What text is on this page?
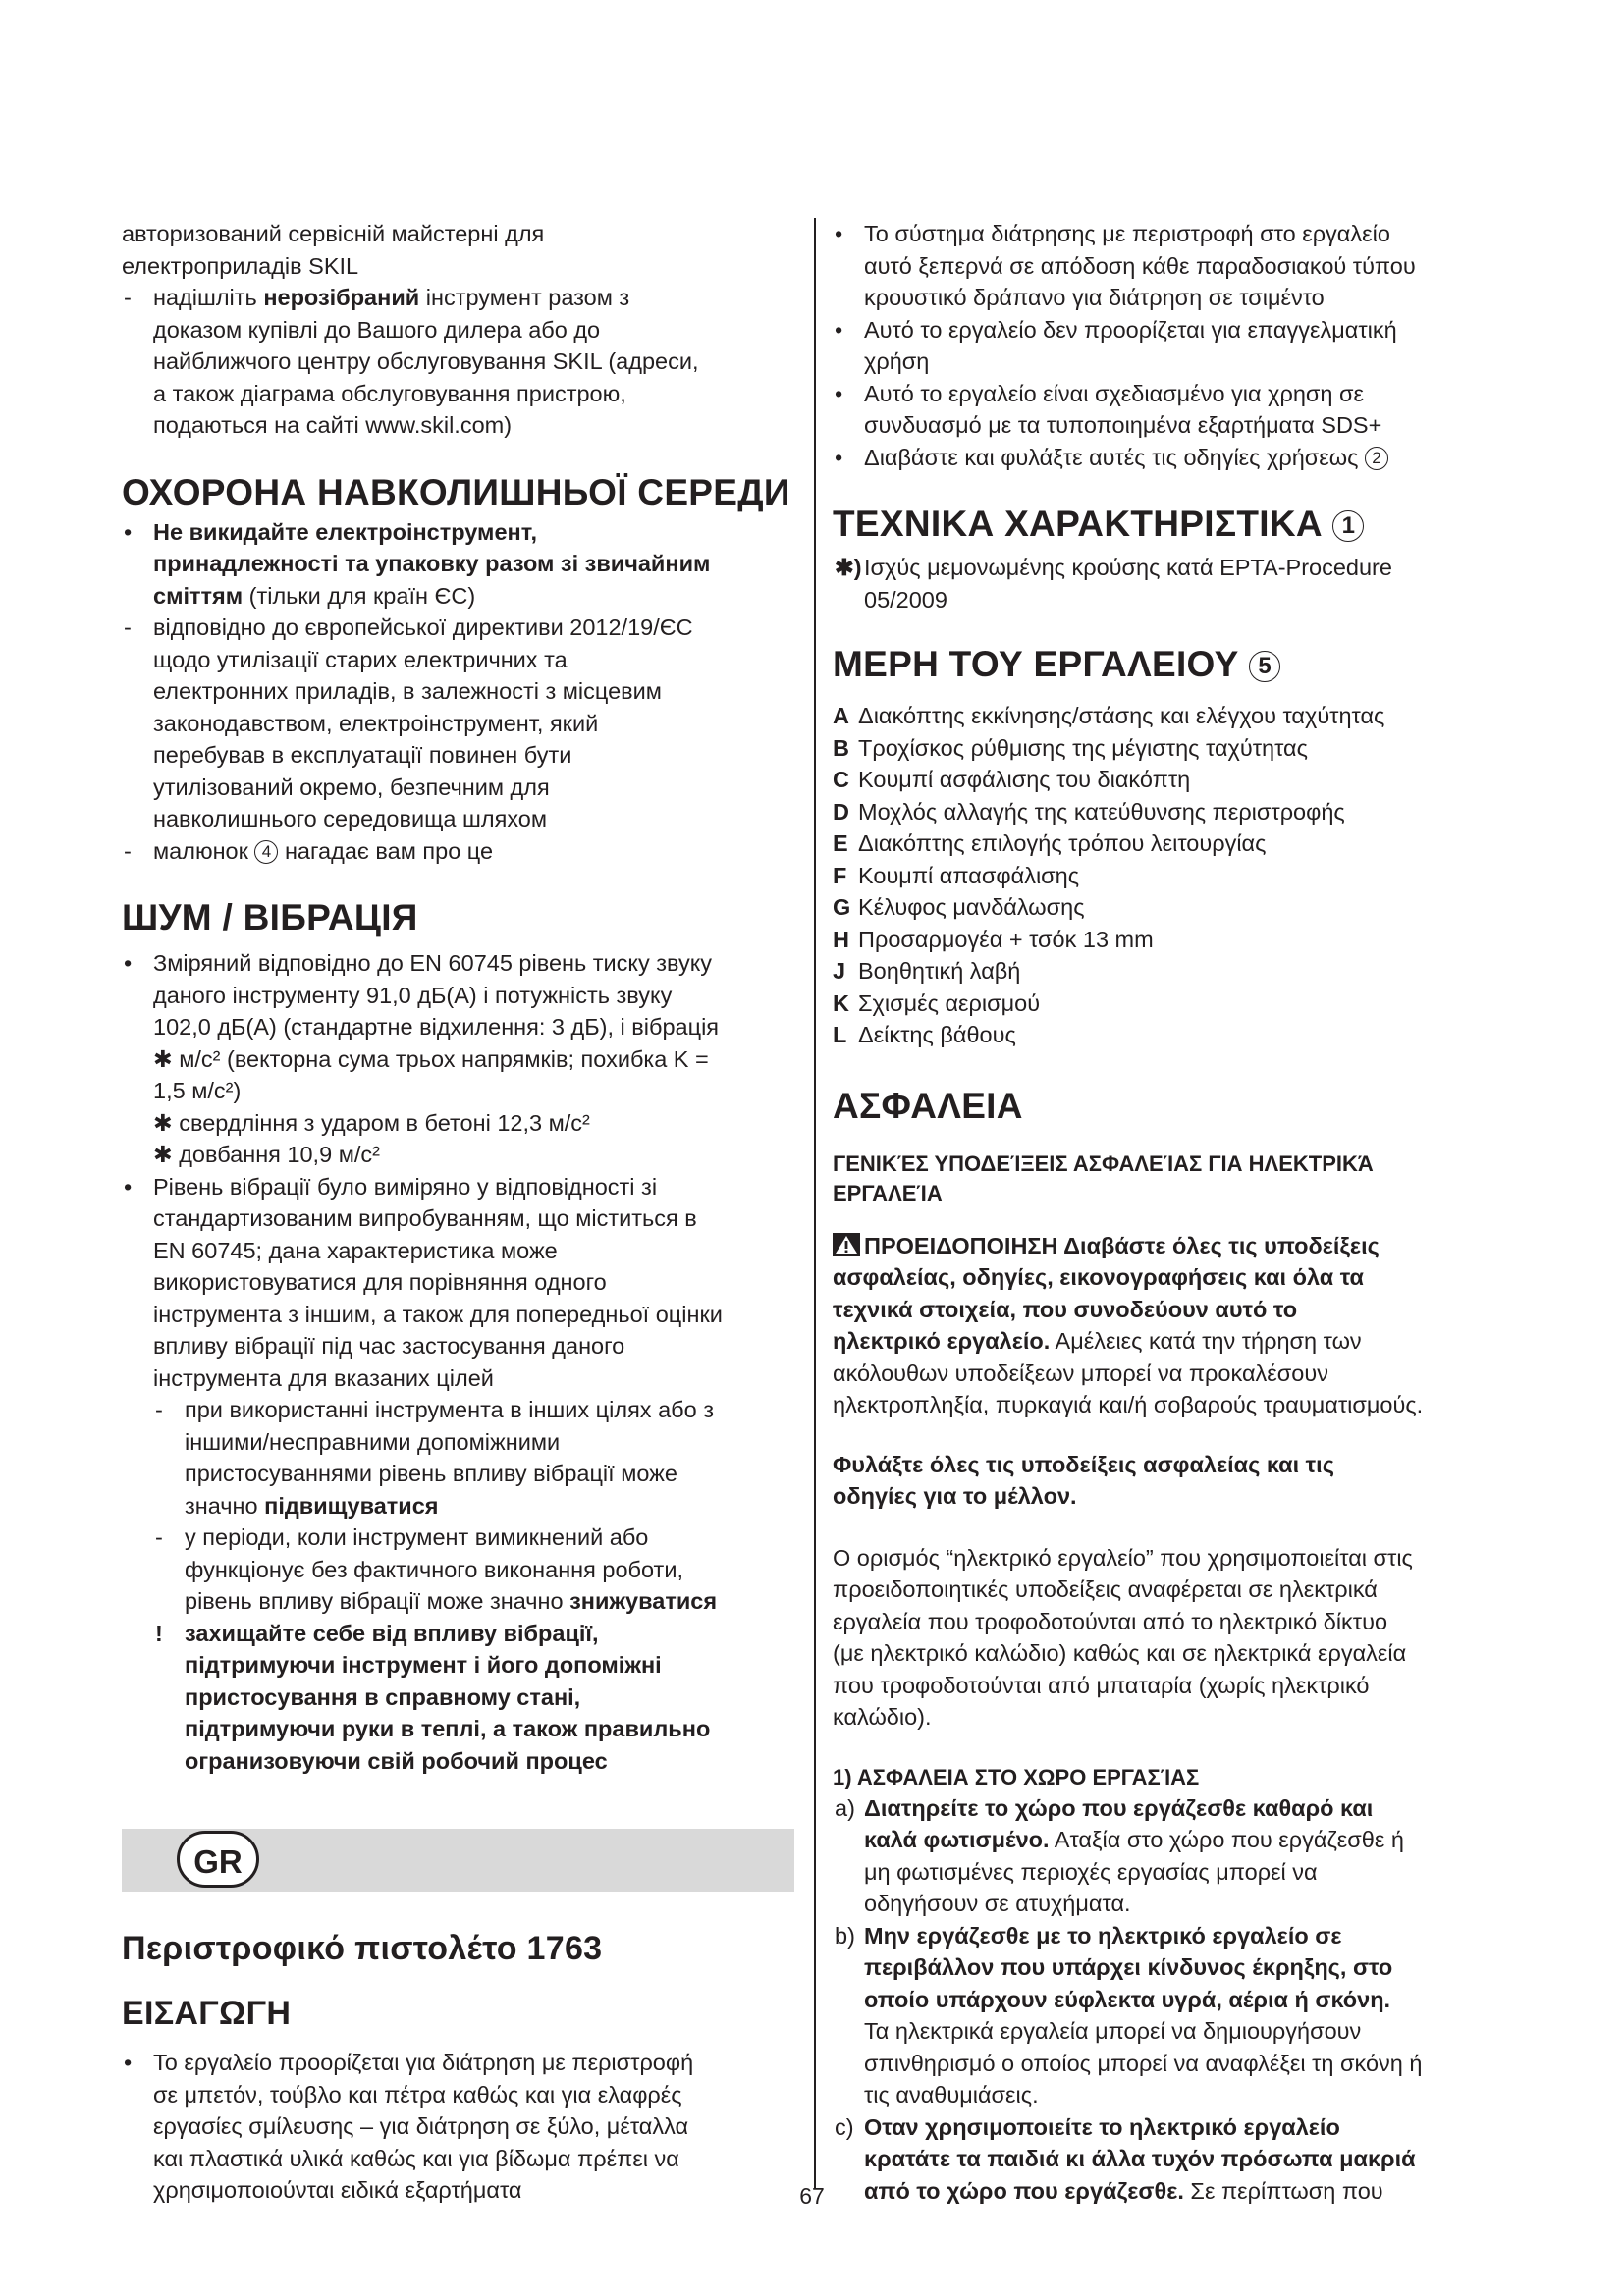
авторизований сервісній майстерні для

електроприладів SKIL

- надішліть нерозібраний інструмент разом з

доказом купівлі до Вашого дилера або до

найближчого центру обслуговування SKIL (адреси,

а також діаграма обслуговування пристрою,

подаються на сайті www.skil.com)

ОХОРОНА НАВКОЛИШНЬОЇ СЕРЕДИ
• Не викидайте електроінструмент,

принадлежності та упаковку разом зі звичайним

сміттям (тільки для країн ЄС)

- відповідно до європейської директиви 2012/19/ЄС

щодо утилізації старих електричних та

електронних приладів, в залежності з місцевим

законодавством, електроінструмент, який

перебував в експлуатації повинен бути

утилізований окремо, безпечним для

навколишнього середовища шляхом

- малюнок 4 нагадає вам про це

ШУМ / ВІБРАЦІЯ
• Зміряний відповідно до EN 60745 рівень тиску звуку

даного інструменту 91,0 дБ(А) і потужність звуку

102,0 дБ(А) (стандартне відхилення: 3 дБ), і вібрація

✱ м/с² (векторна сума трьох напрямків; похибка K =

1,5 м/с²)

✱ свердління з ударом в бетоні 12,3 м/с²

✱ довбання 10,9 м/с²

• Рівень вібрації було виміряно у відповідності зі

стандартизованим випробуванням, що міститься в

EN 60745; дана характеристика може

використовуватися для порівняння одного

інструмента з іншим, а також для попередньої оцінки

впливу вібрації під час застосування даного

інструмента для вказаних цілей

- при використанні інструмента в інших цілях або з

іншими/несправними допоміжними

пристосуваннями рівень впливу вібрації може

значно підвищуватися

- у періоди, коли інструмент вимикнений або

функціонує без фактичного виконання роботи,

рівень впливу вібрації може значно знижуватися

! захищайте себе від впливу вібрації,

підтримуючи інструмент і його допоміжні

пристосування в справному стані,

підтримуючи руки в теплі, а також правильно

огранизовуючи свій робочий процес

GR
Περιστροφικό πιστολέτο 1763
ΕΙΣΑΓΩΓΗ
• Το εργαλείο προορίζεται για διάτρηση με περιστροφή

σε μπετόν, τούβλο και πέτρα καθώς και για ελαφρές

εργασίες σμίλευσης – για διάτρηση σε ξύλο, μέταλλα

και πλαστικά υλικά καθώς και για βίδωμα πρέπει να

χρησιμοποιούνται ειδικά εξαρτήματα

• Το σύστημα διάτρησης με περιστροφή στο εργαλείο

αυτό ξεπερνά σε απόδοση κάθε παραδοσιακού τύπου

κρουστικό δράπανο για διάτρηση σε τσιμέντο

• Αυτό το εργαλείο δεν προορίζεται για επαγγελματική

χρήση

• Αυτό το εργαλείο είναι σχεδιασμένο για χρηση σε

συνδυασμό με τα τυποποιημένα εξαρτήματα SDS+

• Διαβάστε και φυλάξτε αυτές τις οδηγίες χρήσεως 2

ΤΕΧΝΙΚΑ ΧΑΡΑΚΤΗΡΙΣΤΙΚΑ 1
✱) Ισχύς μεμονωμένης κρούσης κατά EPTA-Procedure

05/2009

ΜΕΡΗ ΤΟΥ ΕΡΓΑΛΕΙΟΥ 5

A Διακόπτης εκκίνησης/στάσης και ελέγχου ταχύτητας

B Τροχίσκος ρύθμισης της μέγιστης ταχύτητας

C Κουμπί ασφάλισης του διακόπτη

D Μοχλός αλλαγής της κατεύθυνσης περιστροφής

E Διακόπτης επιλογής τρόπου λειτουργίας

F Κουμπί απασφάλισης

G Κέλυφος μανδάλωσης

H Προσαρμογέα + τσόκ 13 mm

J Βοηθητική λαβή

K Σχισμές αερισμού

L Δείκτης βάθους

ΑΣΦΑΛΕΙΑ
ΓΕΝΙΚΈΣ ΥΠΟΔΕΊΞΕΙΣ ΑΣΦΑΛΕΊΑΣ ΓΙΑ ΗΛΕΚΤΡΙΚΆ
ΕΡΓΑΛΕΊΑ

ΠΡΟΕΙΔΟΠΟΙΗΣΗ Διαβάστε όλες τις υποδείξεις

ασφαλείας, οδηγίες, εικονογραφήσεις και όλα τα

τεχνικά στοιχεία, που συνοδεύουν αυτό το

ηλεκτρικό εργαλείο. Αμέλειες κατά την τήρηση των

ακόλουθων υποδείξεων μπορεί να προκαλέσουν

ηλεκτροπληξία, πυρκαγιά και/ή σοβαρούς τραυματισμούς.

Φυλάξτε όλες τις υποδείξεις ασφαλείας και τις

οδηγίες για το μέλλον.

Ο ορισμός “ηλεκτρικό εργαλείο” που χρησιμοποιείται στις

προειδοποιητικές υποδείξεις αναφέρεται σε ηλεκτρικά

εργαλεία που τροφοδοτούνται από το ηλεκτρικό δίκτυο

(με ηλεκτρικό καλώδιο) καθώς και σε ηλεκτρικά εργαλεία

που τροφοδοτούνται από μπαταρία (χωρίς ηλεκτρικό

καλώδιο).

1) ΑΣΦΑΛΕΙΑ ΣΤΟ ΧΩΡΟ ΕΡΓΑΣΊΑΣ
a) Διατηρείτε το χώρο που εργάζεσθε καθαρό και

καλά φωτισμένο. Αταξία στο χώρο που εργάζεσθε ή

μη φωτισμένες περιοχές εργασίας μπορεί να

οδηγήσουν σε ατυχήματα.

b) Μην εργάζεσθε με το ηλεκτρικό εργαλείο σε

περιβάλλον που υπάρχει κίνδυνος έκρηξης, στο

οποίο υπάρχουν εύφλεκτα υγρά, αέρια ή σκόνη.

Τα ηλεκτρικά εργαλεία μπορεί να δημιουργήσουν

σπινθηρισμό ο οποίος μπορεί να αναφλέξει τη σκόνη ή

τις αναθυμιάσεις.

c) Οταν χρησιμοποιείτε το ηλεκτρικό εργαλείο

κρατάτε τα παιδιά κι άλλα τυχόν πρόσωπα μακριά

από το χώρο που εργάζεσθε. Σε περίπτωση που

67
